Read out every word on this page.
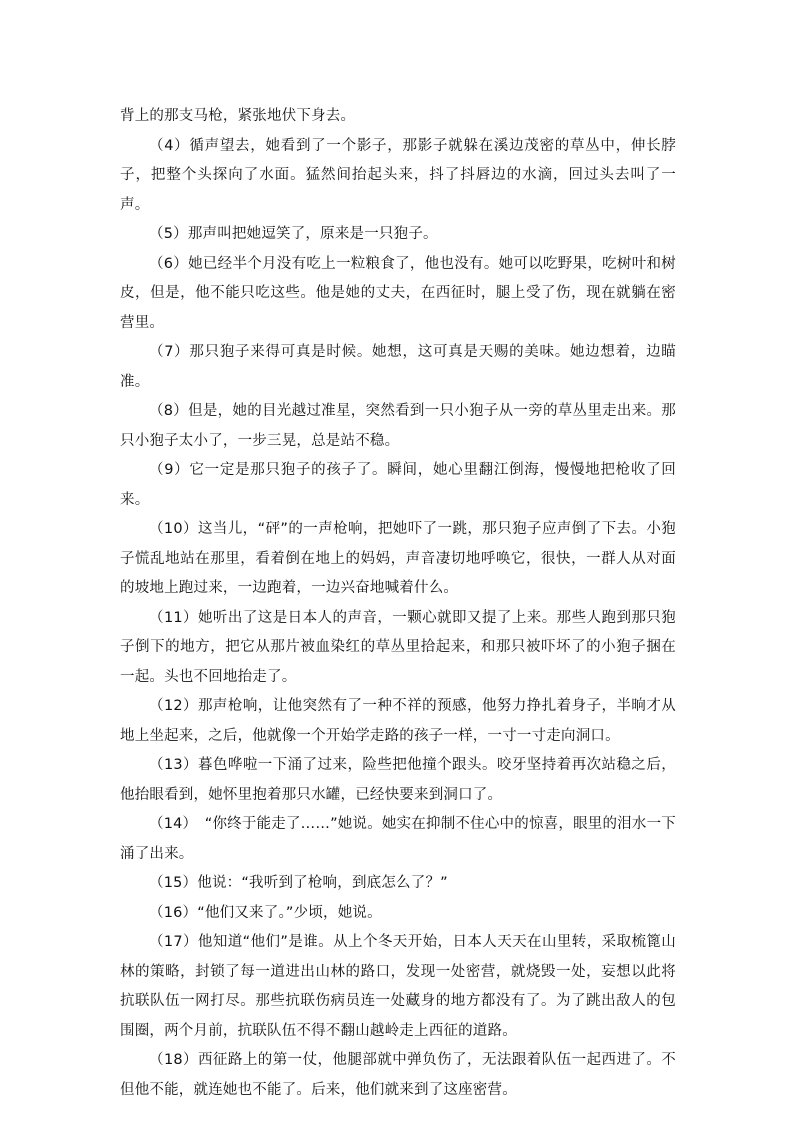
背上的那支马枪，紧张地伏下身去。

（4）循声望去，她看到了一个影子，那影子就躲在溪边茂密的草丛中，伸长脖子，把整个头探向了水面。猛然间抬起头来，抖了抖唇边的水滴，回过头去叫了一声。

（5）那声叫把她逗笑了，原来是一只狍子。

（6）她已经半个月没有吃上一粒粮食了，他也没有。她可以吃野果，吃树叶和树皮，但是，他不能只吃这些。他是她的丈夫，在西征时，腿上受了伤，现在就躺在密营里。

（7）那只狍子来得可真是时候。她想，这可真是天赐的美味。她边想着，边瞄准。

（8）但是，她的目光越过准星，突然看到一只小狍子从一旁的草丛里走出来。那只小狍子太小了，一步三晃，总是站不稳。

（9）它一定是那只狍子的孩子了。瞬间，她心里翻江倒海，慢慢地把枪收了回来。

（10）这当儿，“砰”的一声枪响，把她吓了一跳，那只狍子应声倒了下去。小狍子慌乱地站在那里，看着倒在地上的妈妈，声音凄切地呼唤它，很快，一群人从对面的坡地上跑过来，一边跑着，一边兴奋地喊着什么。

（11）她听出了这是日本人的声音，一颗心就即又提了上来。那些人跑到那只狍子倒下的地方，把它从那片被血染红的草丛里拾起来，和那只被吓坏了的小狍子捆在一起。头也不回地抬走了。

（12）那声枪响，让他突然有了一种不祥的预感，他努力挣扎着身子，半晌才从地上坐起来，之后，他就像一个开始学走路的孩子一样，一寸一寸走向洞口。

（13）暮色哗啦一下涌了过来，险些把他撞个跟头。咬牙坚持着再次站稳之后，他抬眼看到，她怀里抱着那只水罐，已经快要来到洞口了。

（14）　“你终于能走了……”她说。她实在抑制不住心中的惊喜，眼里的泪水一下涌了出来。

（15）他说：“我听到了枪响，到底怎么了？”

（16）“他们又来了。”少顷，她说。

（17）他知道“他们”是谁。从上个冬天开始，日本人天天在山里转，采取梳篦山林的策略，封锁了每一道进出山林的路口，发现一处密营，就烧毁一处，妄想以此将抗联队伍一网打尽。那些抗联伤病员连一处藏身的地方都没有了。为了跳出敌人的包围圈，两个月前，抗联队伍不得不翻山越岭走上西征的道路。

（18）西征路上的第一仗，他腿部就中弹负伤了，无法跟着队伍一起西进了。不但他不能，就连她也不能了。后来，他们就来到了这座密营。
